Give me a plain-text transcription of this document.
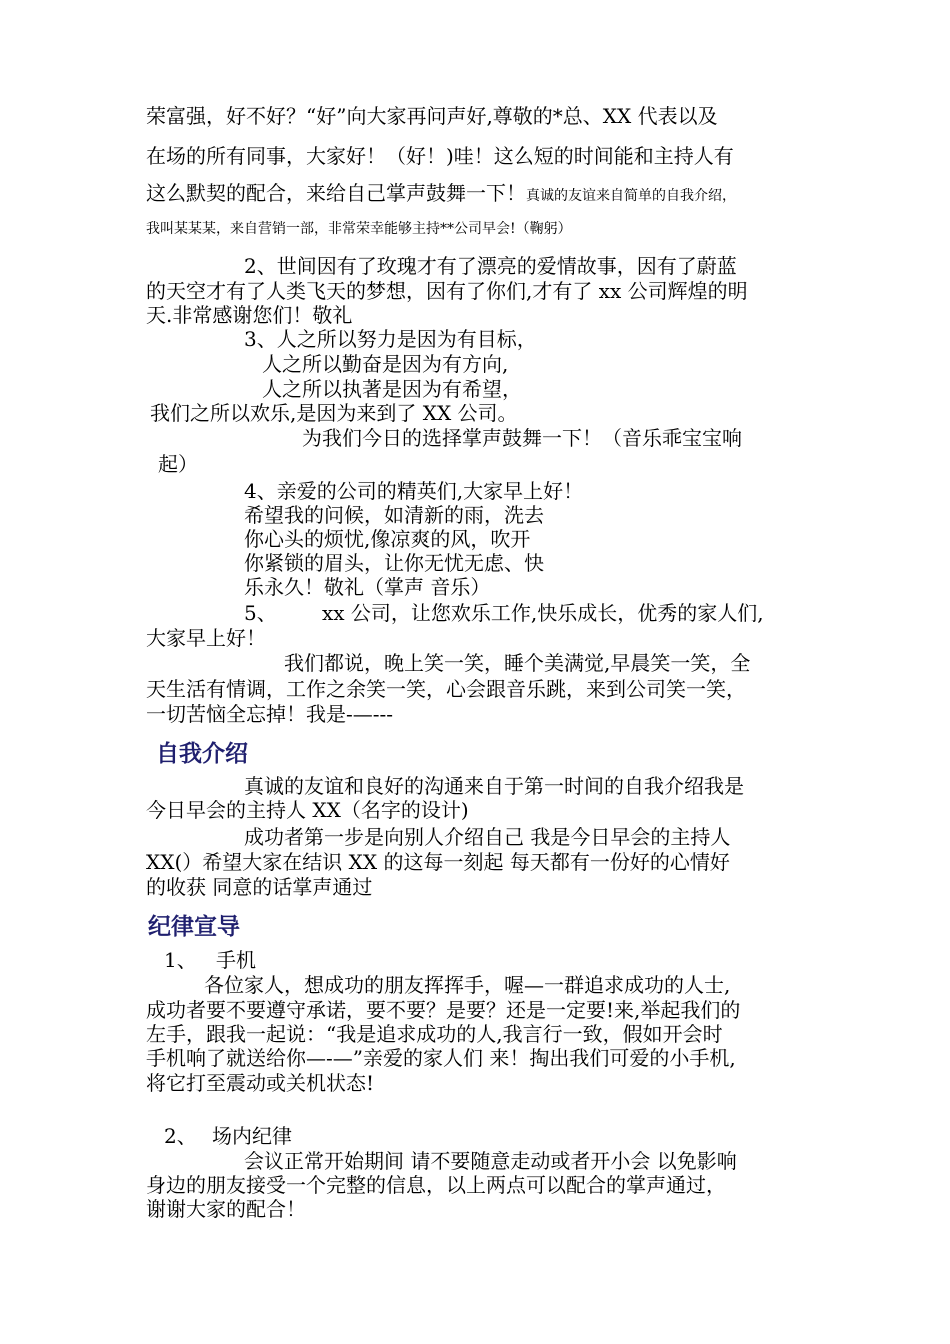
荣富强，好不好？“好”向大家再问声好,尊敬的*总、XX 代表以及
在场的所有同事，大家好！（好！)哇！这么短的时间能和主持人有
这么默契的配合，来给自己掌声鼓舞一下！真诚的友谊来自简单的自我介绍，
我叫某某某，来自营销一部，非常荣幸能够主持**公司早会!（鞠躬）
2、世间因有了玫瑰才有了漂亮的爱情故事，因有了蔚蓝
的天空才有了人类飞天的梦想，因有了你们,才有了 xx 公司辉煌的明
天.非常感谢您们！敬礼
3、人之所以努力是因为有目标，
人之所以勤奋是因为有方向,
人之所以执著是因为有希望，
我们之所以欢乐,是因为来到了 XX 公司。
为我们今日的选择掌声鼓舞一下！（音乐乖宝宝响
起）
4、亲爱的公司的精英们,大家早上好！
希望我的问候，如清新的雨，洗去
你心头的烦忧,像凉爽的风，吹开
你紧锁的眉头，让你无忧无虑、快
乐永久！敬礼（掌声 音乐）
5、 xx 公司，让您欢乐工作,快乐成长，优秀的家人们,
大家早上好！
我们都说，晚上笑一笑，睡个美满觉,早晨笑一笑，全
天生活有情调，工作之余笑一笑，心会跟音乐跳，来到公司笑一笑，
一切苦恼全忘掉！我是-—---
自我介绍
真诚的友谊和良好的沟通来自于第一时间的自我介绍我是
今日早会的主持人 XX（名字的设计)
成功者第一步是向别人介绍自己 我是今日早会的主持人
XX(）希望大家在结识 XX 的这每一刻起 每天都有一份好的心情好
的收获 同意的话掌声通过
纪律宣导
1、 手机
各位家人，想成功的朋友挥挥手，喔—一群追求成功的人士,
成功者要不要遵守承诺，要不要？是要？还是一定要!来,举起我们的
左手，跟我一起说：“我是追求成功的人,我言行一致，假如开会时
手机响了就送给你—-—”亲爱的家人们 来！掏出我们可爱的小手机,
将它打至震动或关机状态!
2、 场内纪律
会议正常开始期间 请不要随意走动或者开小会 以免影响
身边的朋友接受一个完整的信息，以上两点可以配合的掌声通过，
谢谢大家的配合！
